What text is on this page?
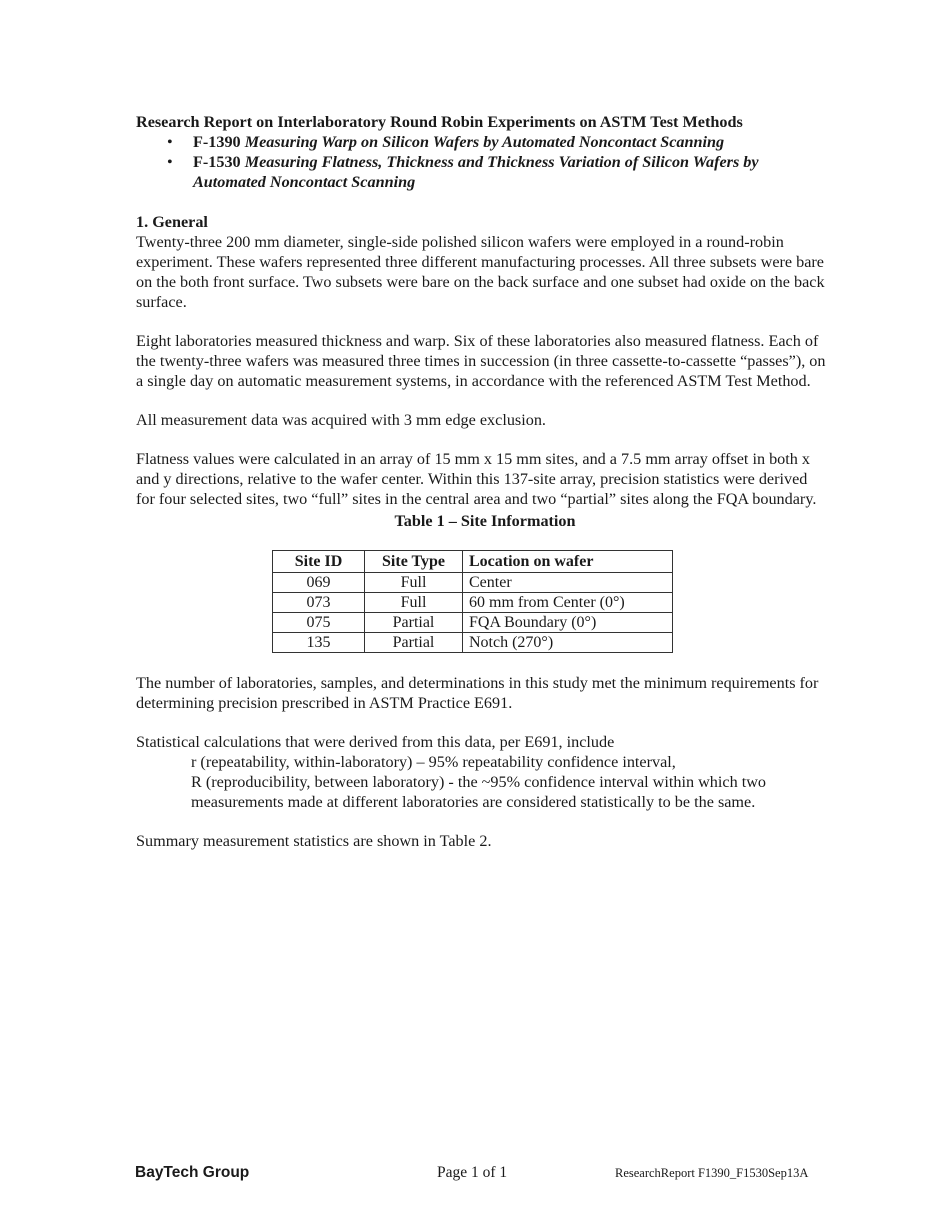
Research Report on Interlaboratory Round Robin Experiments on ASTM Test Methods

• F-1390 Measuring Warp on Silicon Wafers by Automated Noncontact Scanning
• F-1530 Measuring Flatness, Thickness and Thickness Variation of Silicon Wafers by Automated Noncontact Scanning

1. General

Twenty-three 200 mm diameter, single-side polished silicon wafers were employed in a round-robin experiment. These wafers represented three different manufacturing processes. All three subsets were bare on the both front surface. Two subsets were bare on the back surface and one subset had oxide on the back surface.

Eight laboratories measured thickness and warp. Six of these laboratories also measured flatness. Each of the twenty-three wafers was measured three times in succession (in three cassette-to-cassette “passes”), on a single day on automatic measurement systems, in accordance with the referenced ASTM Test Method.

All measurement data was acquired with 3 mm edge exclusion.

Flatness values were calculated in an array of 15 mm x 15 mm sites, and a 7.5 mm array offset in both x and y directions, relative to the wafer center. Within this 137-site array, precision statistics were derived for four selected sites, two “full” sites in the central area and two “partial” sites along the FQA boundary.

Table 1 – Site Information
Site ID	Site Type	Location on wafer
069	Full	Center
073	Full	60 mm from Center (0°)
075	Partial	FQA Boundary (0°)
135	Partial	Notch (270°)

The number of laboratories, samples, and determinations in this study met the minimum requirements for determining precision prescribed in ASTM Practice E691.

Statistical calculations that were derived from this data, per E691, include

r (repeatability, within-laboratory) – 95% repeatability confidence interval,

R (reproducibility, between laboratory) - the ~95% confidence interval within which two measurements made at different laboratories are considered statistically to be the same.

Summary measurement statistics are shown in Table 2.

BayTech Group	Page 1 of 1	ResearchReport F1390_F1530Sep13A
